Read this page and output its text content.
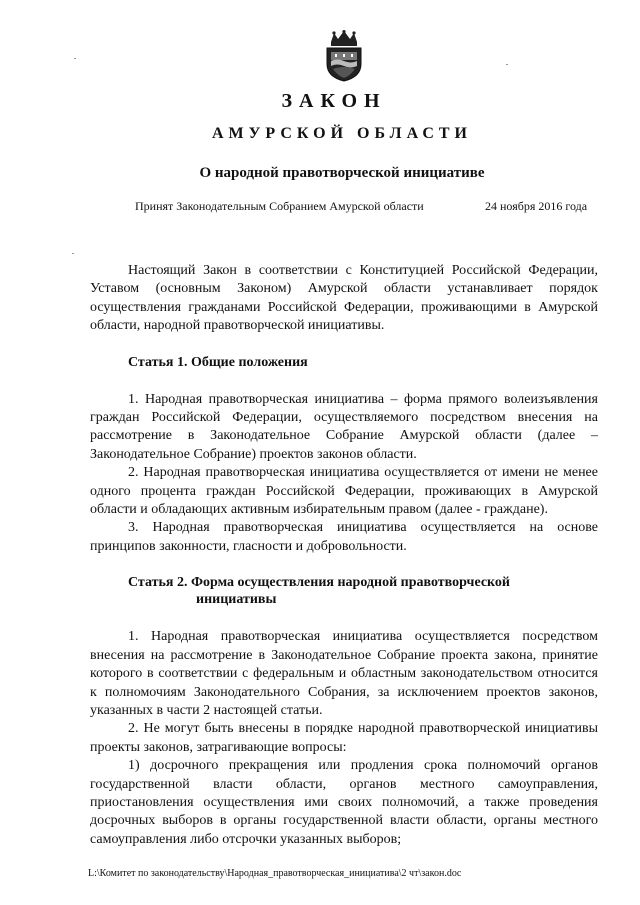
ЗАКОН
АМУРСКОЙ ОБЛАСТИ
О народной правотворческой инициативе
Принят Законодательным Собранием Амурской области	24 ноября 2016 года

Настоящий Закон в соответствии с Конституцией Российской Федерации, Уставом (основным Законом) Амурской области устанавливает порядок осуществления гражданами Российской Федерации, проживающими в Амурской области, народной правотворческой инициативы.

Статья 1. Общие положения

1. Народная правотворческая инициатива – форма прямого волеизъявления граждан Российской Федерации, осуществляемого посредством внесения на рассмотрение в Законодательное Собрание Амурской области (далее – Законодательное Собрание) проектов законов области.

2. Народная правотворческая инициатива осуществляется от имени не менее одного процента граждан Российской Федерации, проживающих в Амурской области и обладающих активным избирательным правом (далее - граждане).

3. Народная правотворческая инициатива осуществляется на основе принципов законности, гласности и добровольности.

Статья 2. Форма осуществления народной правотворческой
инициативы

1. Народная правотворческая инициатива осуществляется посредством внесения на рассмотрение в Законодательное Собрание проекта закона, принятие которого в соответствии с федеральным и областным законодательством относится к полномочиям Законодательного Собрания, за исключением проектов законов, указанных в части 2 настоящей статьи.

2. Не могут быть внесены в порядке народной правотворческой инициативы проекты законов, затрагивающие вопросы:

1) досрочного прекращения или продления срока полномочий органов государственной власти области, органов местного самоуправления, приостановления осуществления ими своих полномочий, а также проведения досрочных выборов в органы государственной власти области, органы местного самоуправления либо отсрочки указанных выборов;

L:\Комитет по законодательству\Народная_правотворческая_инициатива\2 чт\закон.doc
